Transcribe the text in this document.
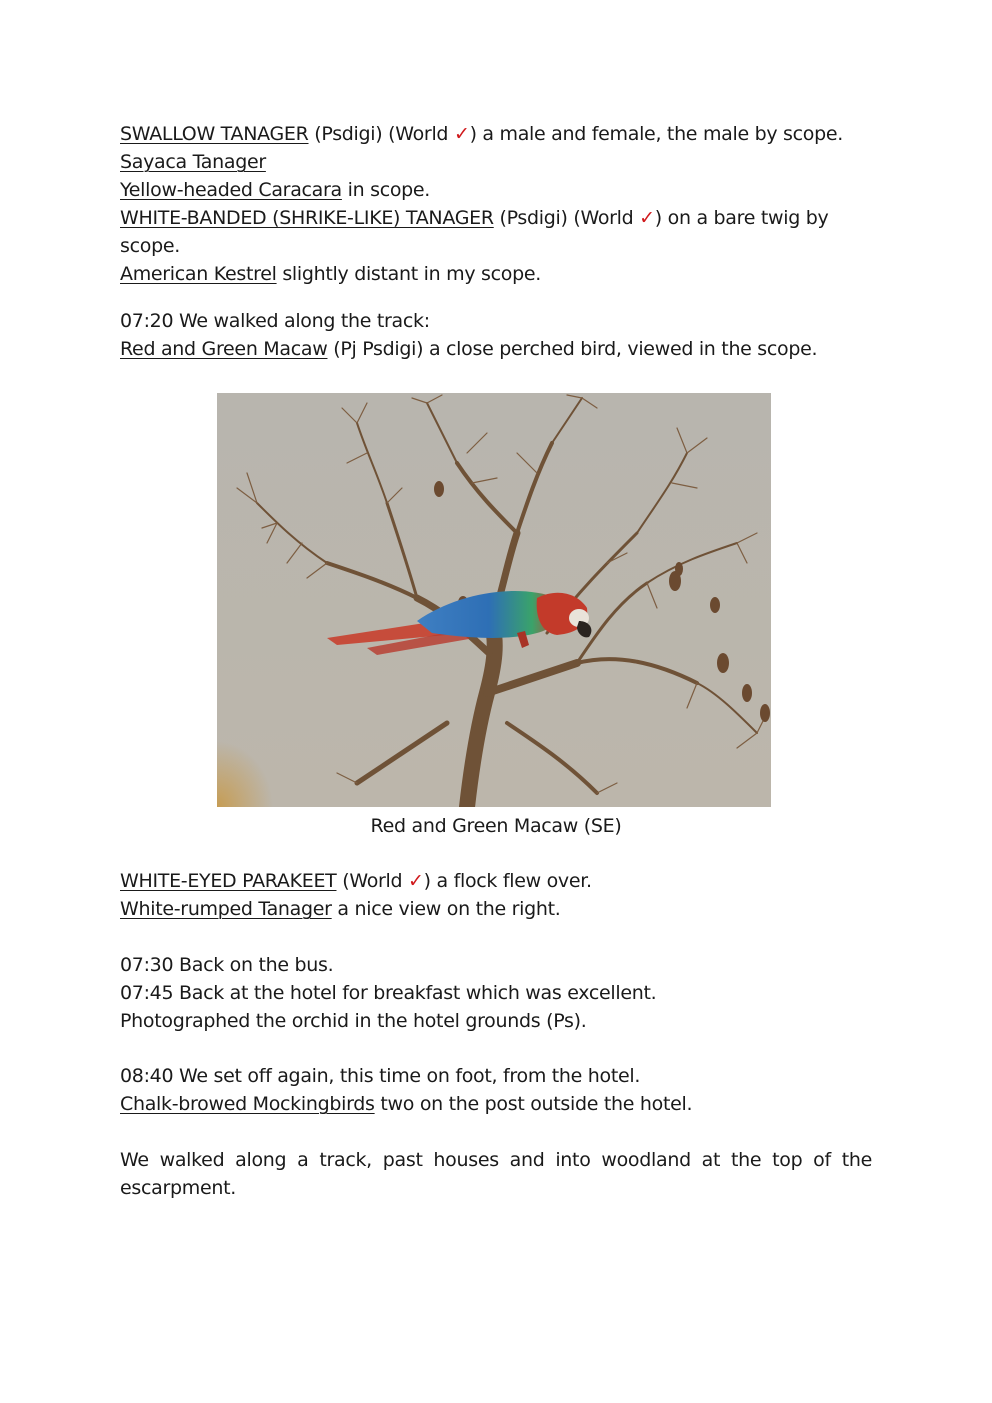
SWALLOW TANAGER (Psdigi) (World ✓) a male and female, the male by scope.
Sayaca Tanager
Yellow-headed Caracara in scope.
WHITE-BANDED (SHRIKE-LIKE) TANAGER (Psdigi) (World ✓) on a bare twig by scope.
American Kestrel slightly distant in my scope.
07:20 We walked along the track:
Red and Green Macaw (Pj Psdigi) a close perched bird, viewed in the scope.
Red and Green Macaw (SE)
WHITE-EYED PARAKEET (World ✓) a flock flew over.
White-rumped Tanager a nice view on the right.
07:30 Back on the bus.
07:45 Back at the hotel for breakfast which was excellent.
Photographed the orchid in the hotel grounds (Ps).
08:40 We set off again, this time on foot, from the hotel.
Chalk-browed Mockingbirds two on the post outside the hotel.
We walked along a track, past houses and into woodland at the top of the escarpment.
